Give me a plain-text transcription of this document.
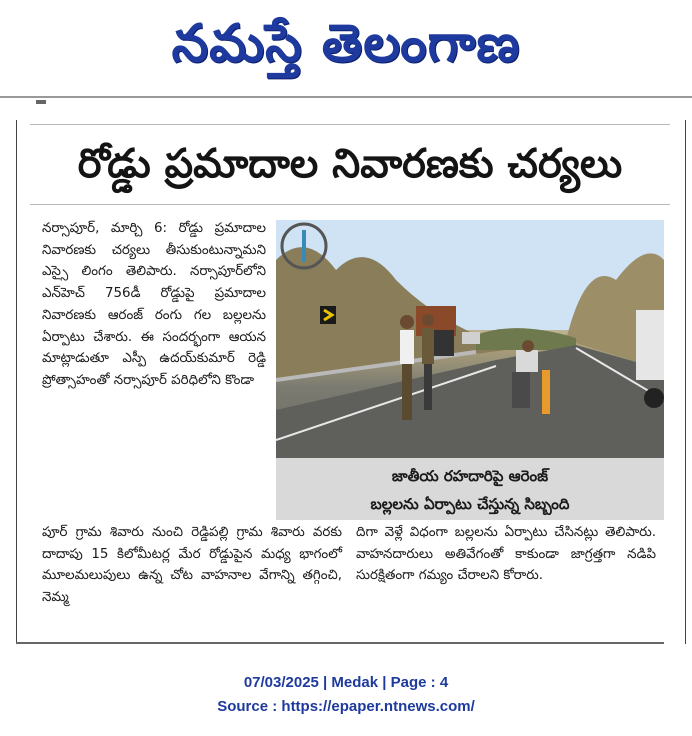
నమస్తే తెలంగాణ
రోడ్డు ప్రమాదాల నివారణకు చర్యలు

నర్సాపూర్, మార్చి 6: రోడ్డు ప్రమాదాల నివారణకు చర్యలు తీసుకుంటున్నామని ఎస్సై లింగం తెలిపారు. నర్సాపూర్‌లోని ఎన్‌హెచ్ 756డీ రోడ్డుపై ప్రమాదాల నివారణకు ఆరంజ్ రంగు గల బల్లలను ఏర్పాటు చేశారు. ఈ సందర్భంగా ఆయన మాట్లాడుతూ ఎస్పీ ఉదయ్‌కుమార్ రెడ్డి ప్రోత్సాహంతో నర్సాపూర్ పరిధిలోని కొండా

జాతీయ రహదారిపై ఆరెంజ్
బల్లలను ఏర్పాటు చేస్తున్న సిబ్బంది

పూర్ గ్రామ శివారు నుంచి రెడ్డిపల్లి గ్రామ శివారు వరకు దాదాపు 15 కిలోమీటర్ల మేర రోడ్డుపైన మధ్య భాగంలో మూలమలుపులు ఉన్న చోట వాహనాల వేగాన్ని తగ్గించి, నెమ్మ

దిగా వెళ్లే విధంగా బల్లలను ఏర్పాటు చేసినట్లు తెలిపారు. వాహనదారులు అతివేగంతో కాకుండా జాగ్రత్తగా నడిపి సురక్షితంగా గమ్యం చేరాలని కోరారు.

07/03/2025 | Medak | Page : 4
Source : https://epaper.ntnews.com/
